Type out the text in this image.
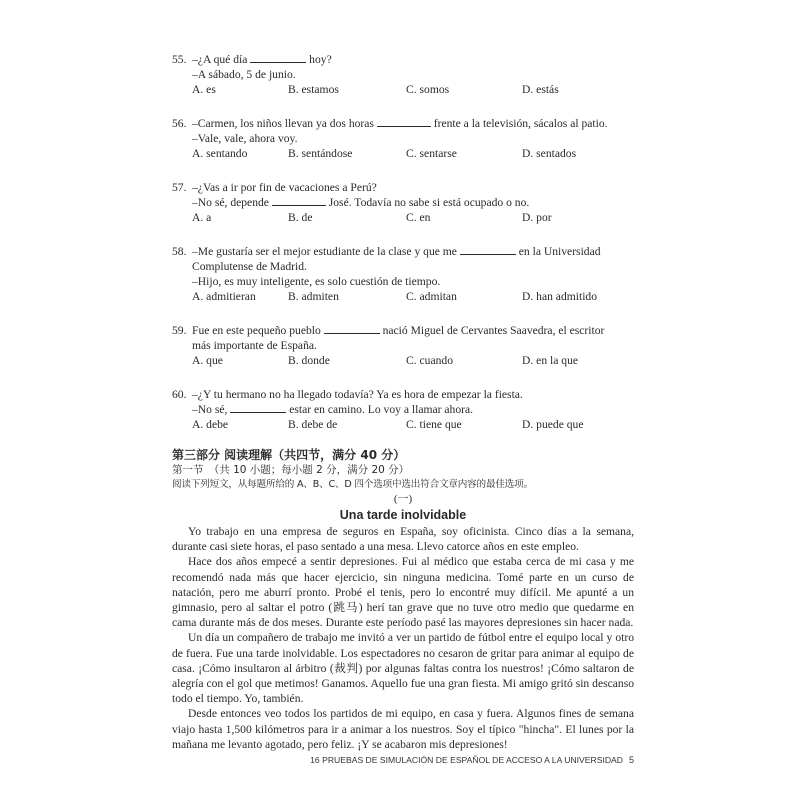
55. –¿A qué día	hoy?
–A sábado, 5 de junio.
A. es	B. estamos	C. somos	D. estás
56. –Carmen, los niños llevan ya dos horas	frente a la televisión, sácalos al patio.
–Vale, vale, ahora voy.
A. sentando	B. sentándose	C. sentarse	D. sentados
57. –¿Vas a ir por fin de vacaciones a Perú?
–No sé, depende	José. Todavía no sabe si está ocupado o no.
A. a	B. de	C. en	D. por
58. –Me gustaría ser el mejor estudiante de la clase y que me	en la Universidad
Complutense de Madrid.
–Hijo, es muy inteligente, es solo cuestión de tiempo.
A. admitieran	B. admiten	C. admitan	D. han admitido
59. Fue en este pequeño pueblo	nació Miguel de Cervantes Saavedra, el escritor
más importante de España.
A. que	B. donde	C. cuando	D. en la que
60. –¿Y tu hermano no ha llegado todavía? Ya es hora de empezar la fiesta.
–No sé,	estar en camino. Lo voy a llamar ahora.
A. debe	B. debe de	C. tiene que	D. puede que
第三部分 阅读理解（共四节，满分 40 分）
第一节　（共 10 小题；每小题 2 分，满分 20 分）
阅读下列短文，从每题所给的 A、B、C、D 四个选项中选出符合文章内容的最佳选项。
(一)
Una tarde inolvidable

Yo trabajo en una empresa de seguros en España, soy oficinista. Cinco días a la semana, durante casi siete horas, el paso sentado a una mesa. Llevo catorce años en este empleo.

Hace dos años empecé a sentir depresiones. Fui al médico que estaba cerca de mi casa y me recomendó nada más que hacer ejercicio, sin ninguna medicina. Tomé parte en un curso de natación, pero me aburrí pronto. Probé el tenis, pero lo encontré muy difícil. Me apunté a un gimnasio, pero al saltar el potro (跳马) herí tan grave que no tuve otro medio que quedarme en cama durante más de dos meses. Durante este período pasé las mayores depresiones sin hacer nada.

Un día un compañero de trabajo me invitó a ver un partido de fútbol entre el equipo local y otro de fuera. Fue una tarde inolvidable. Los espectadores no cesaron de gritar para animar al equipo de casa. ¡Cómo insultaron al árbitro (裁判) por algunas faltas contra los nuestros! ¡Cómo saltaron de alegría con el gol que metimos! Ganamos. Aquello fue una gran fiesta. Mi amigo gritó sin descanso todo el tiempo. Yo, también.

Desde entonces veo todos los partidos de mi equipo, en casa y fuera. Algunos fines de semana viajo hasta 1,500 kilómetros para ir a animar a los nuestros. Soy el típico "hincha". El lunes por la mañana me levanto agotado, pero feliz. ¡Y se acabaron mis depresiones!

16 PRUEBAS DE SIMULACIÓN DE ESPAÑOL DE ACCESO A LA UNIVERSIDAD 5
